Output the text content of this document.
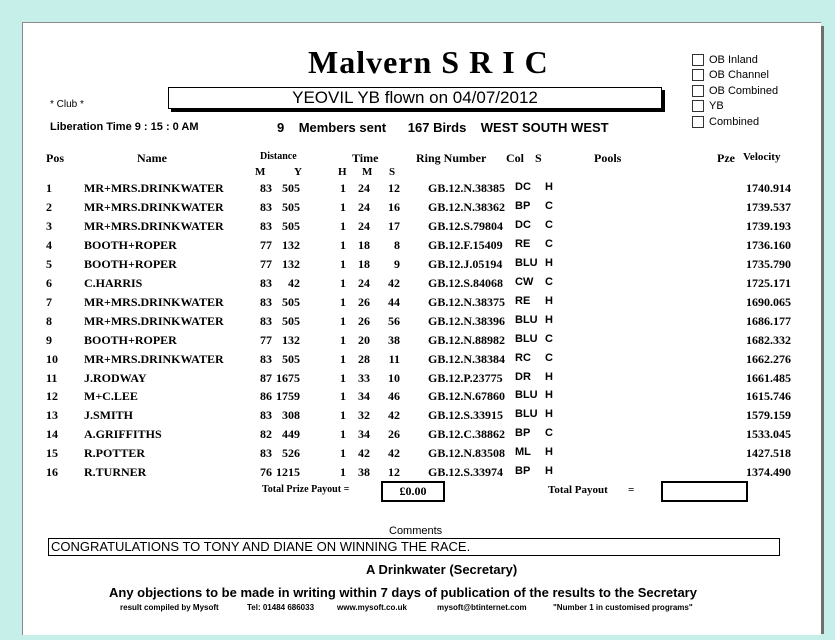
Malvern S R I C
* Club *	YEOVIL YB flown on 04/07/2012
Liberation Time 9 : 15 : 0 AM	9 Members sent 167 Birds WEST SOUTH WEST
OB Inland
OB Channel
OB Combined
YB
Combined
Pos	Name	Distance	Time	Ring Number Col S	Pools	Pze Velocity
M	Y	H M S
1	MR+MRS.DRINKWATER	83 505	1	24	12 GB.12.N.38385 DC H	1740.914
2	MR+MRS.DRINKWATER	83 505	1	24	16 GB.12.N.38362 BP C	1739.537
3	MR+MRS.DRINKWATER	83 505	1	24	17 GB.12.S.79804 DC C	1739.193
4	BOOTH+ROPER	77 132	1	18	8 GB.12.F.15409 RE C	1736.160
5	BOOTH+ROPER	77 132	1	18	9 GB.12.J.05194 BLU H	1735.790
6	C.HARRIS	83	42	1	24	42 GB.12.S.84068 CW C	1725.171
7	MR+MRS.DRINKWATER	83 505	1	26	44 GB.12.N.38375 RE H	1690.065
8	MR+MRS.DRINKWATER	83 505	1	26	56 GB.12.N.38396 BLU H	1686.177
9	BOOTH+ROPER	77 132	1	20	38 GB.12.N.88982 BLU C	1682.332
10 MR+MRS.DRINKWATER	83 505	1	28	11 GB.12.N.38384 RC C	1662.276
11 J.RODWAY	87 1675	1	33	10 GB.12.P.23775 DR H	1661.485
12 M+C.LEE	86 1759	1	34	46 GB.12.N.67860 BLU H	1615.746
13 J.SMITH	83 308	1	32	42 GB.12.S.33915 BLU H	1579.159
14 A.GRIFFITHS	82 449	1	34	26 GB.12.C.38862 BP C	1533.045
15 R.POTTER	83 526	1	42	42 GB.12.N.83508 ML H	1427.518
16 R.TURNER	76 1215	1	38	12 GB.12.S.33974 BP H	1374.490
Total Prize Payout =	£0.00	Total Payout =
Comments
CONGRATULATIONS TO TONY AND DIANE ON WINNING THE RACE.
A Drinkwater (Secretary)
Any objections to be made in writing within 7 days of publication of the results to the Secretary
result compiled by Mysoft	Tel: 01484 686033	www.mysoft.co.uk	mysoft@btinternet.com	"Number 1 in customised programs"
